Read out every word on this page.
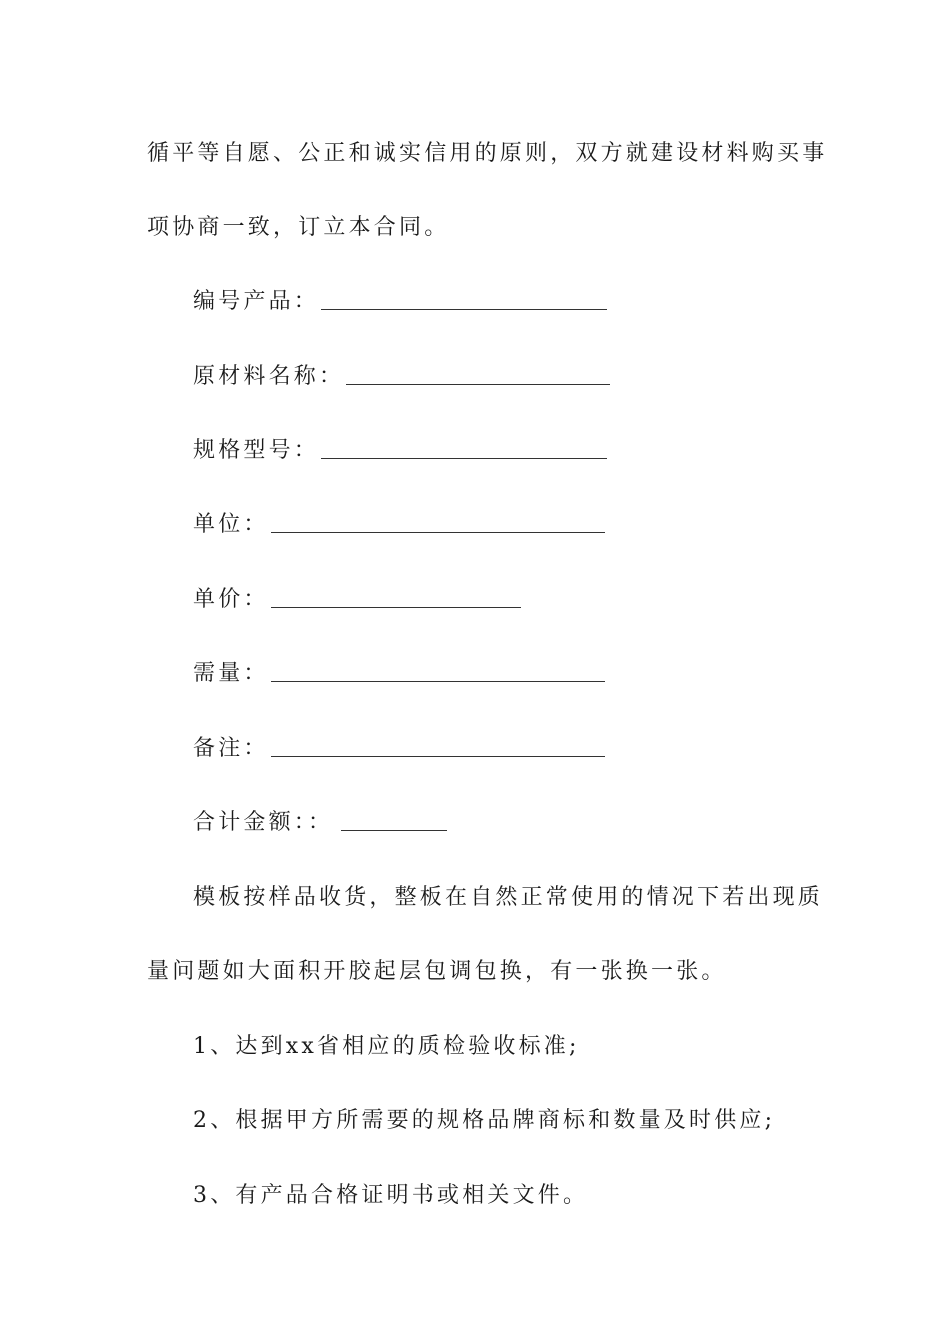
循平等自愿、公正和诚实信用的原则，双方就建设材料购买事
项协商一致，订立本合同。
编号产品：
原材料名称：
规格型号：
单位：
单价：
需量：
备注：
合计金额：：
模板按样品收货，整板在自然正常使用的情况下若出现质
量问题如大面积开胶起层包调包换，有一张换一张。
1、达到xx省相应的质检验收标准;
2、根据甲方所需要的规格品牌商标和数量及时供应;
3、有产品合格证明书或相关文件。
